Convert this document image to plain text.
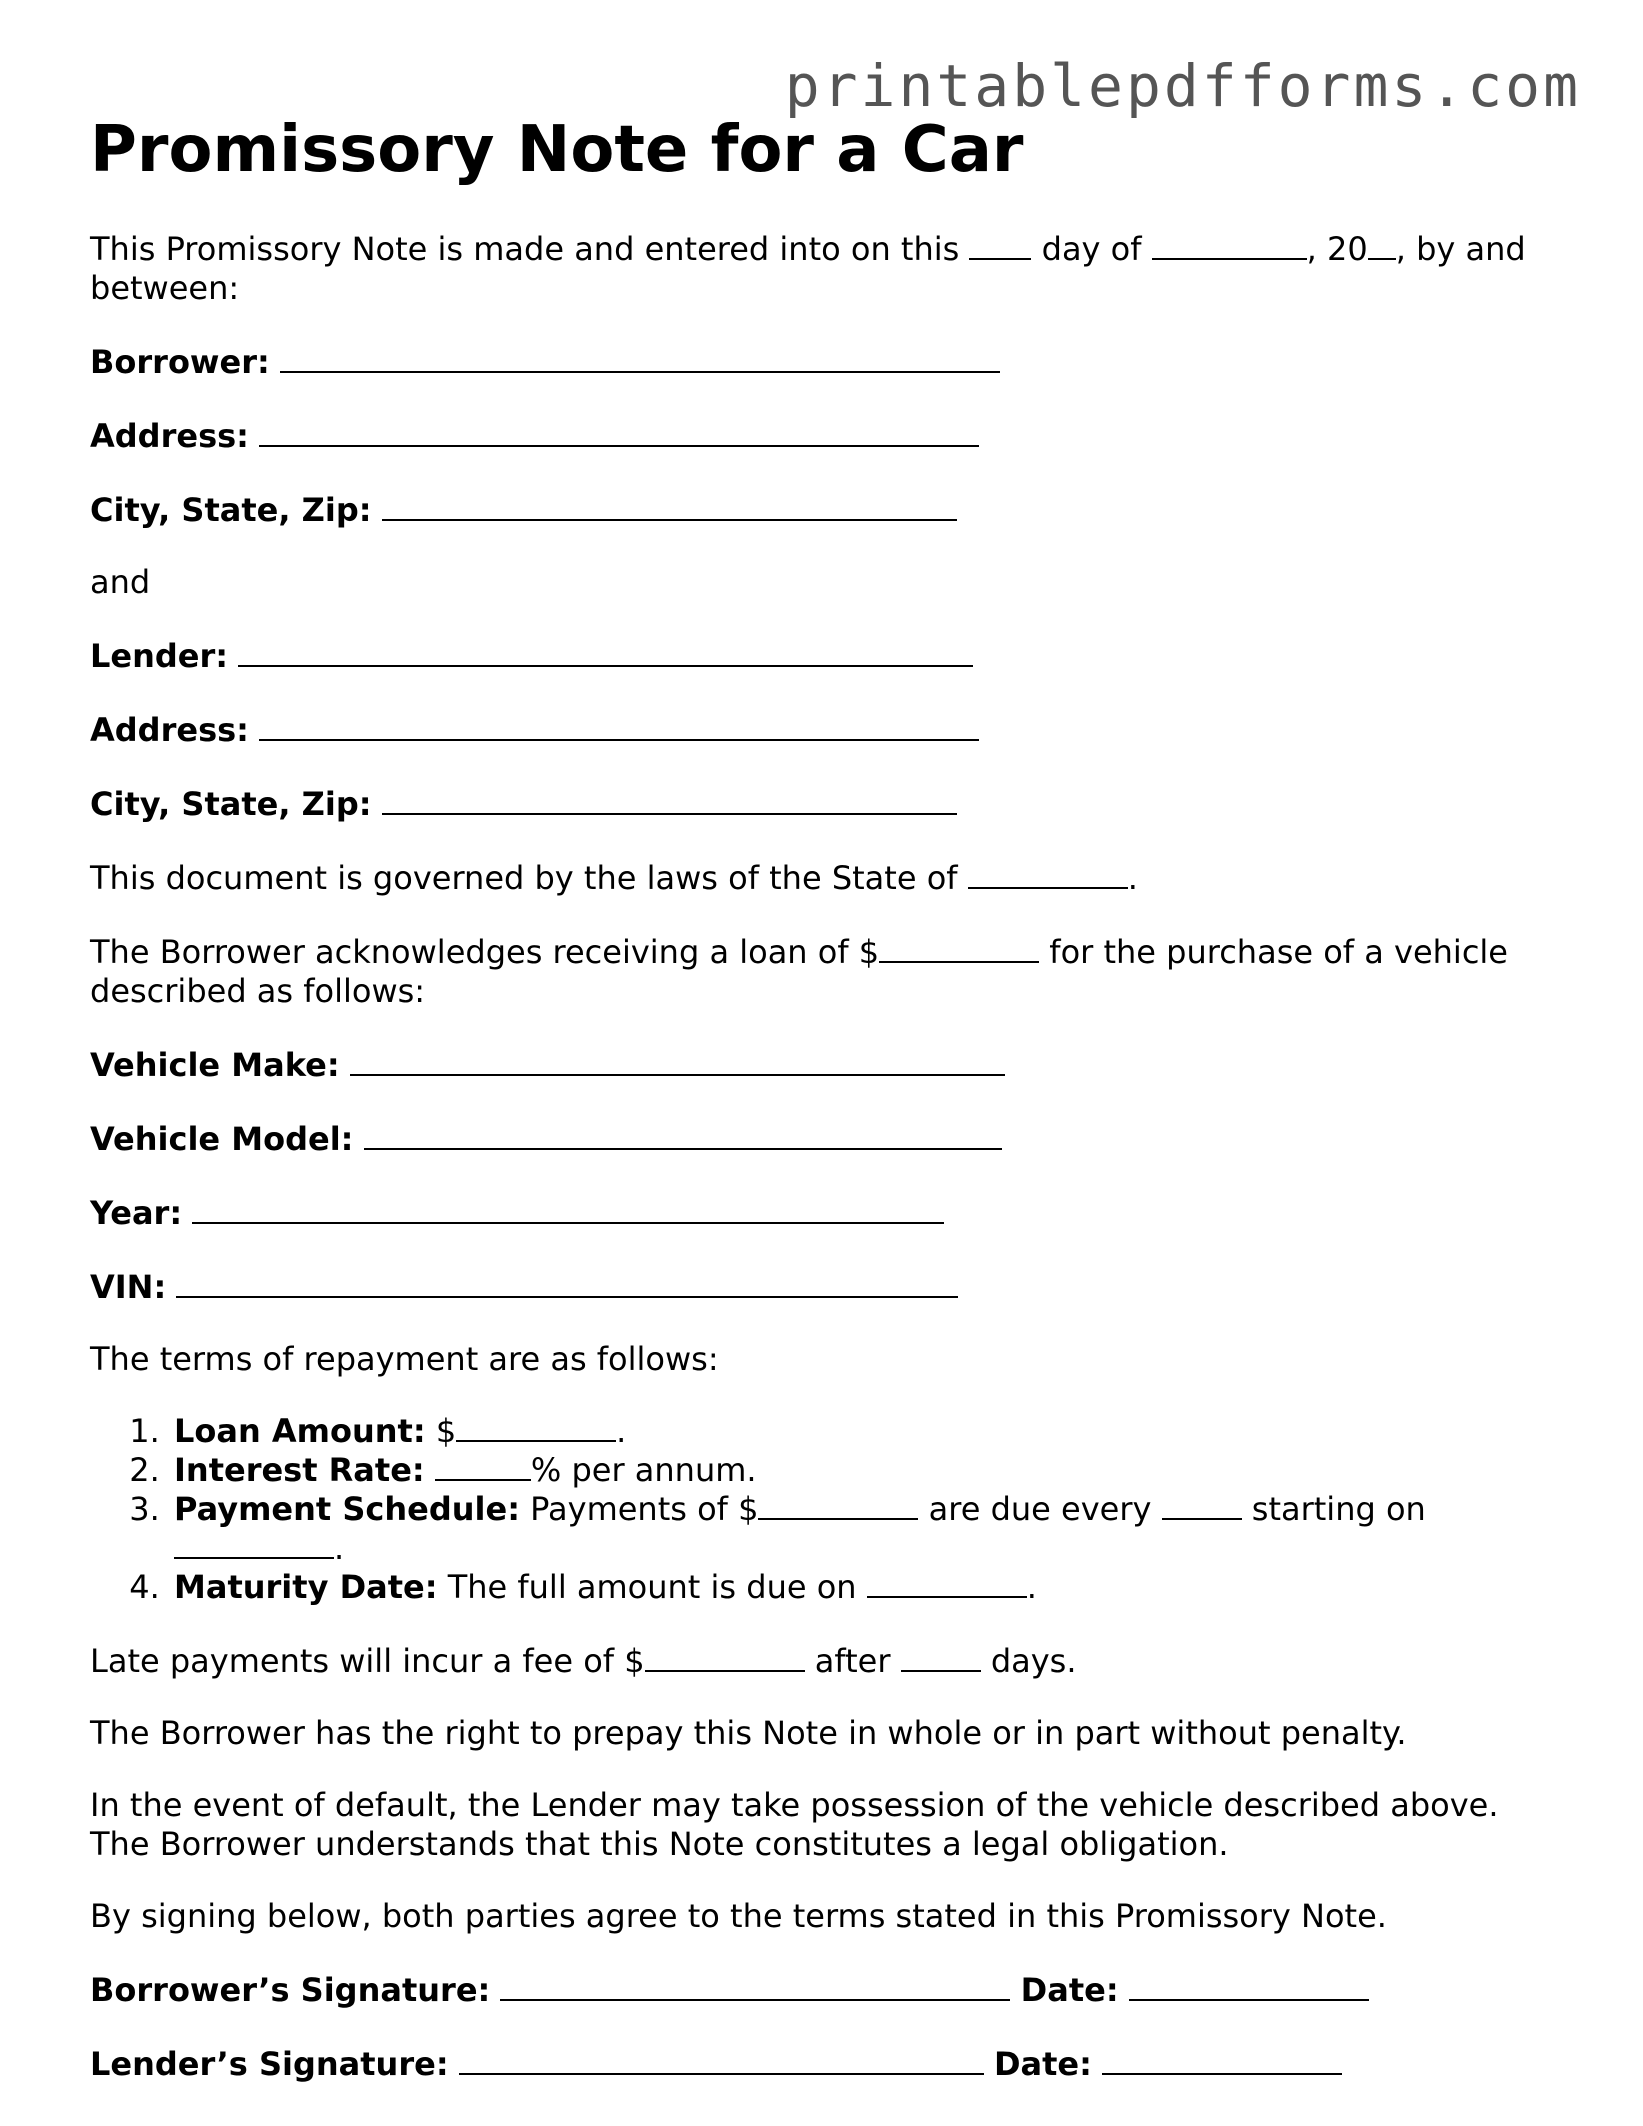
printablepdfforms.com
Promissory Note for a Car

This Promissory Note is made and entered into on this	day of	, 20 , by and
between:

Borrower:

Address:

City, State, Zip:

and

Lender:

Address:

City, State, Zip:

This document is governed by the laws of the State of	.

The Borrower acknowledges receiving a loan of $	for the purchase of a vehicle
described as follows:

Vehicle Make:

Vehicle Model:

Year:

VIN:

The terms of repayment are as follows:

1. Loan Amount: $	.
2. Interest Rate:	% per annum.
3. Payment Schedule: Payments of $	are due every	starting on
.
4. Maturity Date: The full amount is due on	.

Late payments will incur a fee of $	after	days.

The Borrower has the right to prepay this Note in whole or in part without penalty.

In the event of default, the Lender may take possession of the vehicle described above.
The Borrower understands that this Note constitutes a legal obligation.

By signing below, both parties agree to the terms stated in this Promissory Note.

Borrower’s Signature:	Date:

Lender’s Signature:	Date:
